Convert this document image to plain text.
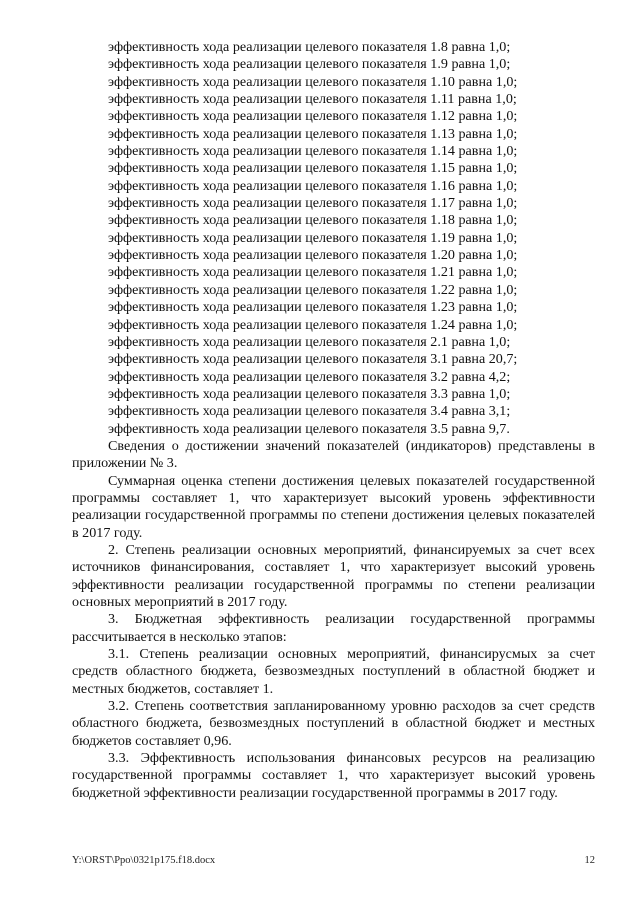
эффективность хода реализации целевого показателя 1.8 равна 1,0;

эффективность хода реализации целевого показателя 1.9 равна 1,0;

эффективность хода реализации целевого показателя 1.10 равна 1,0;

эффективность хода реализации целевого показателя 1.11 равна 1,0;

эффективность хода реализации целевого показателя 1.12 равна 1,0;

эффективность хода реализации целевого показателя 1.13 равна 1,0;

эффективность хода реализации целевого показателя 1.14 равна 1,0;

эффективность хода реализации целевого показателя 1.15 равна 1,0;

эффективность хода реализации целевого показателя 1.16 равна 1,0;

эффективность хода реализации целевого показателя 1.17 равна 1,0;

эффективность хода реализации целевого показателя 1.18 равна 1,0;

эффективность хода реализации целевого показателя 1.19 равна 1,0;

эффективность хода реализации целевого показателя 1.20 равна 1,0;

эффективность хода реализации целевого показателя 1.21 равна 1,0;

эффективность хода реализации целевого показателя 1.22 равна 1,0;

эффективность хода реализации целевого показателя 1.23 равна 1,0;

эффективность хода реализации целевого показателя 1.24 равна 1,0;

эффективность хода реализации целевого показателя 2.1 равна 1,0;

эффективность хода реализации целевого показателя 3.1 равна 20,7;

эффективность хода реализации целевого показателя 3.2 равна 4,2;

эффективность хода реализации целевого показателя 3.3 равна 1,0;

эффективность хода реализации целевого показателя 3.4 равна 3,1;

эффективность хода реализации целевого показателя 3.5 равна 9,7.

Сведения о достижении значений показателей (индикаторов) представлены в приложении № 3.

Суммарная оценка степени достижения целевых показателей государственной программы составляет 1, что характеризует высокий уровень эффективности реализации государственной программы по степени достижения целевых показателей в 2017 году.

2. Степень реализации основных мероприятий, финансируемых за счет всех источников финансирования, составляет 1, что характеризует высокий уровень эффективности реализации государственной программы по степени реализации основных мероприятий в 2017 году.

3. Бюджетная эффективность реализации государственной программы рассчитывается в несколько этапов:

3.1. Степень реализации основных мероприятий, финансирусмых за счет средств областного бюджета, безвозмездных поступлений в областной бюджет и местных бюджетов, составляет 1.

3.2. Степень соответствия запланированному уровню расходов за счет средств областного бюджета, безвозмездных поступлений в областной бюджет и местных бюджетов составляет 0,96.

3.3. Эффективность использования финансовых ресурсов на реализацию государственной программы составляет 1, что характеризует высокий уровень бюджетной эффективности реализации государственной программы в 2017 году.

Y:\ORST\Ppo\0321p175.f18.docx	12
